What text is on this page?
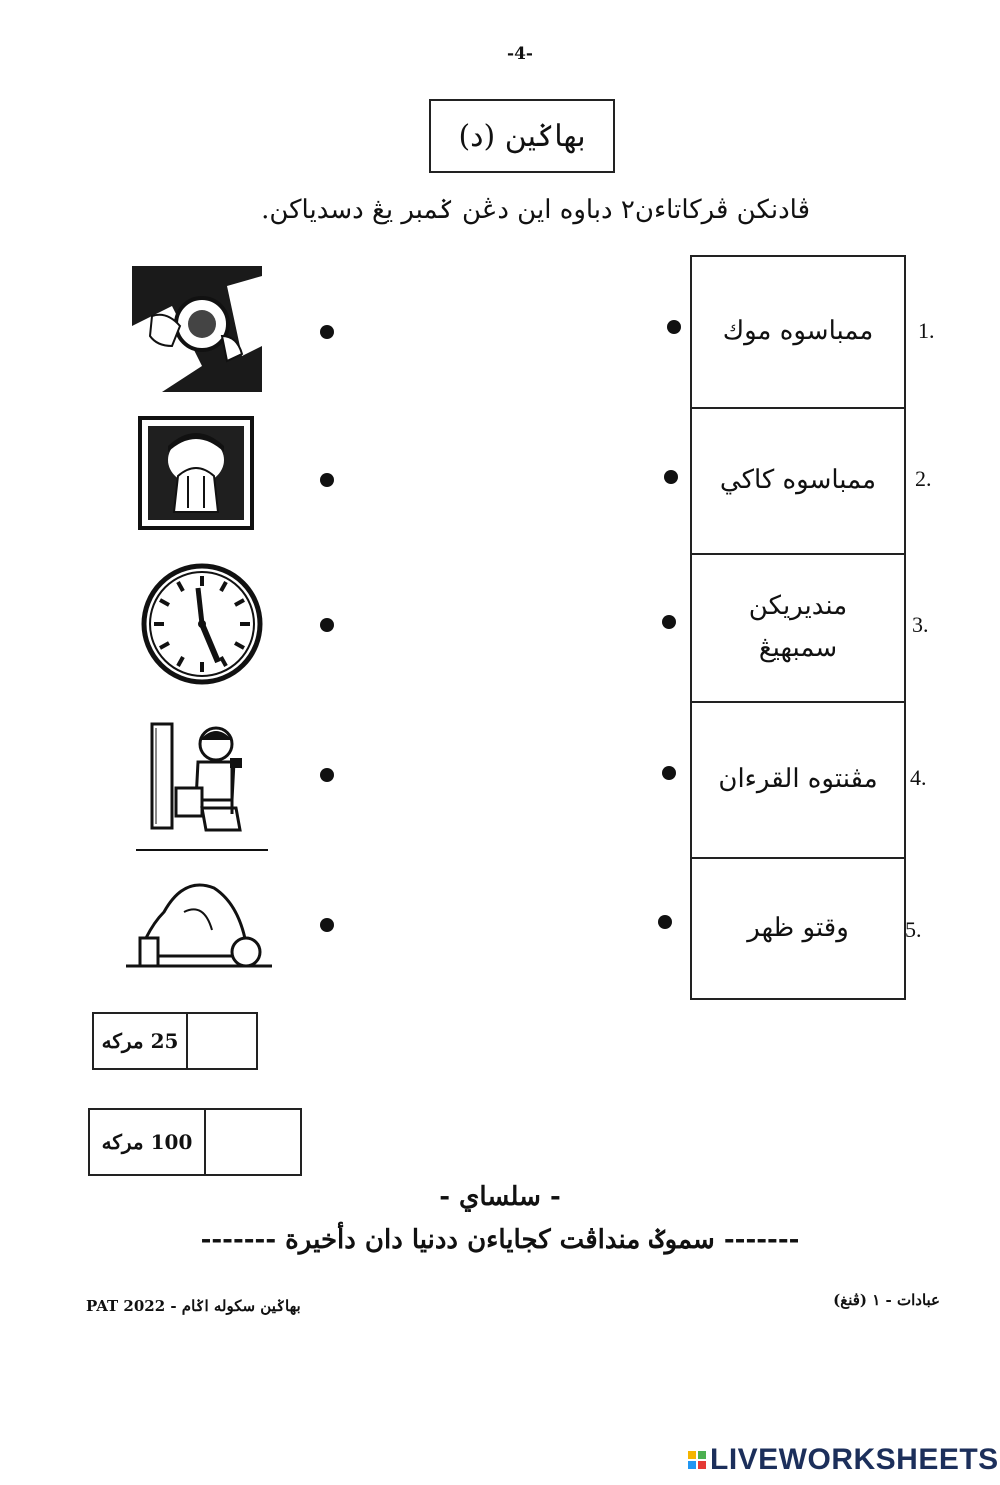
-4-
بهاݢين (د)
ڤادنکن ڤرکاتاءن٢ دباوه اين دڠن ݢمبر يڠ دسدياکن.
ممباسوه موك
ممباسوه کاکي
منديريکن سمبهيڠ
مڤنتوه القرءان
وقتو ظهر
1.
2.
3.
4.
5.
25 مرکه
100 مرکه
- سلساي -
------- سموݢ منداڤت کجاياءن ددنيا دان دأخيرة -------
بهاݢين سکوله اݢام - PAT 2022	عبادات - ١ (ڤنغ)
LIVEWORKSHEETS
